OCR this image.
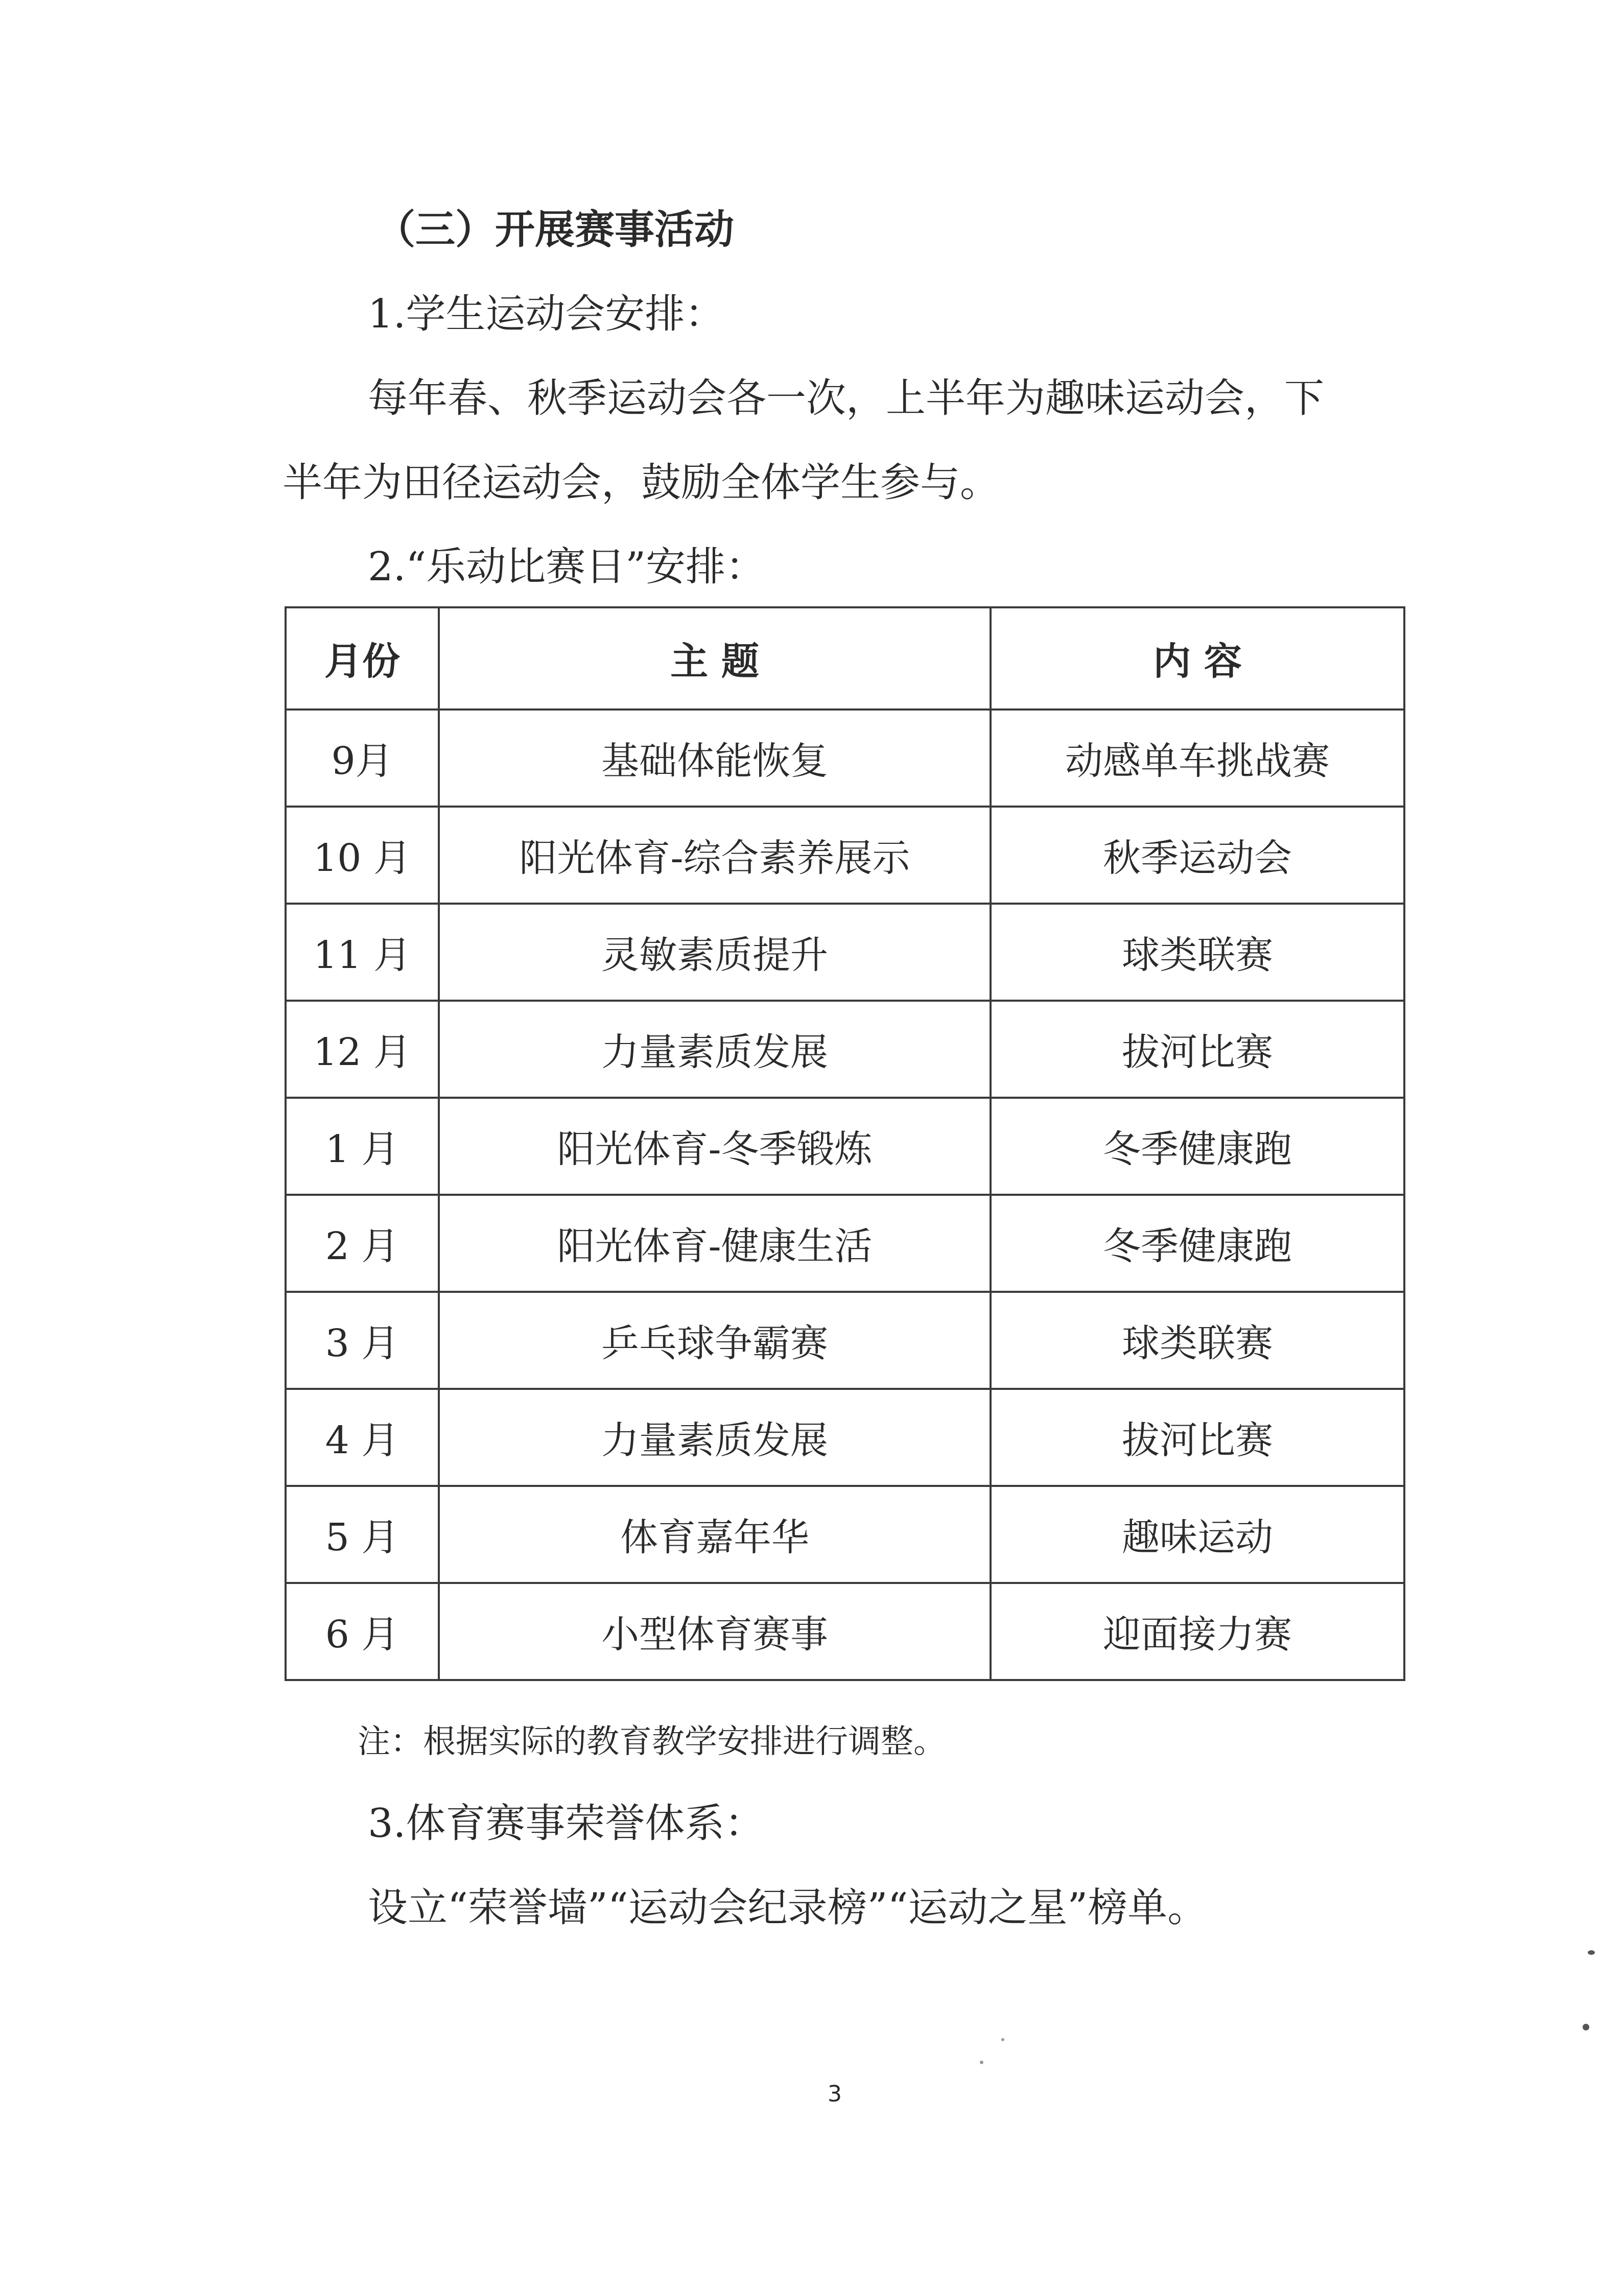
（三）开展赛事活动

1.学生运动会安排：

每年春、秋季运动会各一次，上半年为趣味运动会，下

半年为田径运动会，鼓励全体学生参与。

2.“乐动比赛日”安排：

月份	主 题	内 容
9月	基础体能恢复	动感单车挑战赛
10 月	阳光体育-综合素养展示	秋季运动会
11 月	灵敏素质提升	球类联赛
12 月	力量素质发展	拔河比赛
1 月	阳光体育-冬季锻炼	冬季健康跑
2 月	阳光体育-健康生活	冬季健康跑
3 月	乒乓球争霸赛	球类联赛
4 月	力量素质发展	拔河比赛
5 月	体育嘉年华	趣味运动
6 月	小型体育赛事	迎面接力赛

注：根据实际的教育教学安排进行调整。

3.体育赛事荣誉体系：

设立“荣誉墙”“运动会纪录榜”“运动之星”榜单。

3
